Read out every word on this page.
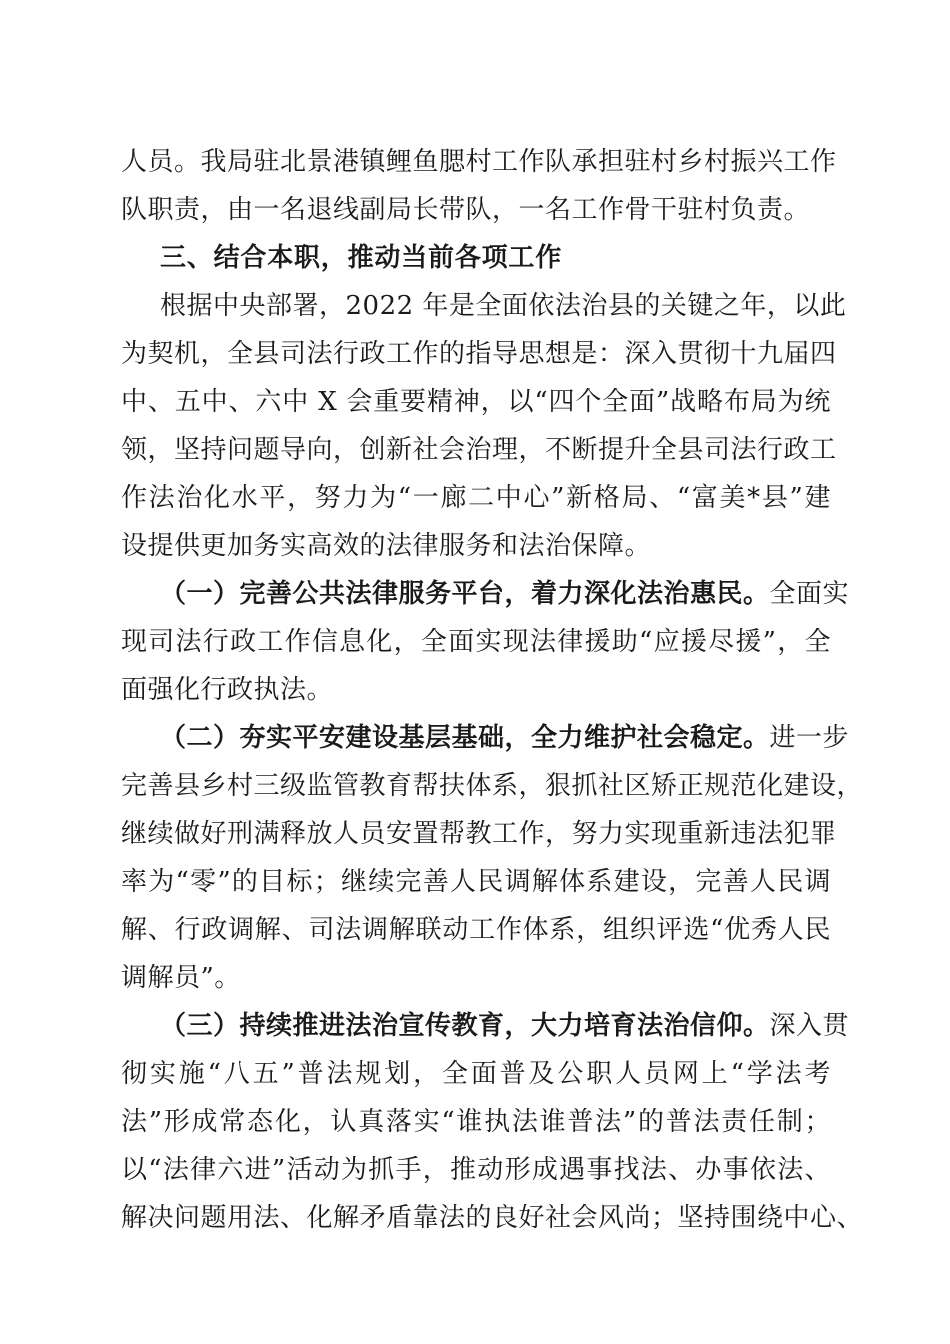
人员。我局驻北景港镇鲤鱼腮村工作队承担驻村乡村振兴工作
队职责，由一名退线副局长带队，一名工作骨干驻村负责。
三、结合本职，推动当前各项工作
根据中央部署，2022 年是全面依法治县的关键之年，以此
为契机，全县司法行政工作的指导思想是：深入贯彻十九届四
中、五中、六中 X 会重要精神，以“四个全面”战略布局为统
领，坚持问题导向，创新社会治理，不断提升全县司法行政工
作法治化水平，努力为“一廊二中心”新格局、“富美*县”建
设提供更加务实高效的法律服务和法治保障。
（一）完善公共法律服务平台，着力深化法治惠民。 全面实
现司法行政工作信息化，全面实现法律援助“应援尽援”，全
面强化行政执法。
（二）夯实平安建设基层基础，全力维护社会稳定。 进一步
完善县乡村三级监管教育帮扶体系，狠抓社区矫正规范化建设，
继续做好刑满释放人员安置帮教工作，努力实现重新违法犯罪
率为“零”的目标；继续完善人民调解体系建设，完善人民调
解、行政调解、司法调解联动工作体系，组织评选“优秀人民
调解员”。
（三）持续推进法治宣传教育，大力培育法治信仰。 深入贯
彻实施“八五”普法规划，全面普及公职人员网上“学法考
法”形成常态化，认真落实“谁执法谁普法”的普法责任制；
以“法律六进”活动为抓手，推动形成遇事找法、办事依法、
解决问题用法、化解矛盾靠法的良好社会风尚；坚持围绕中心、
